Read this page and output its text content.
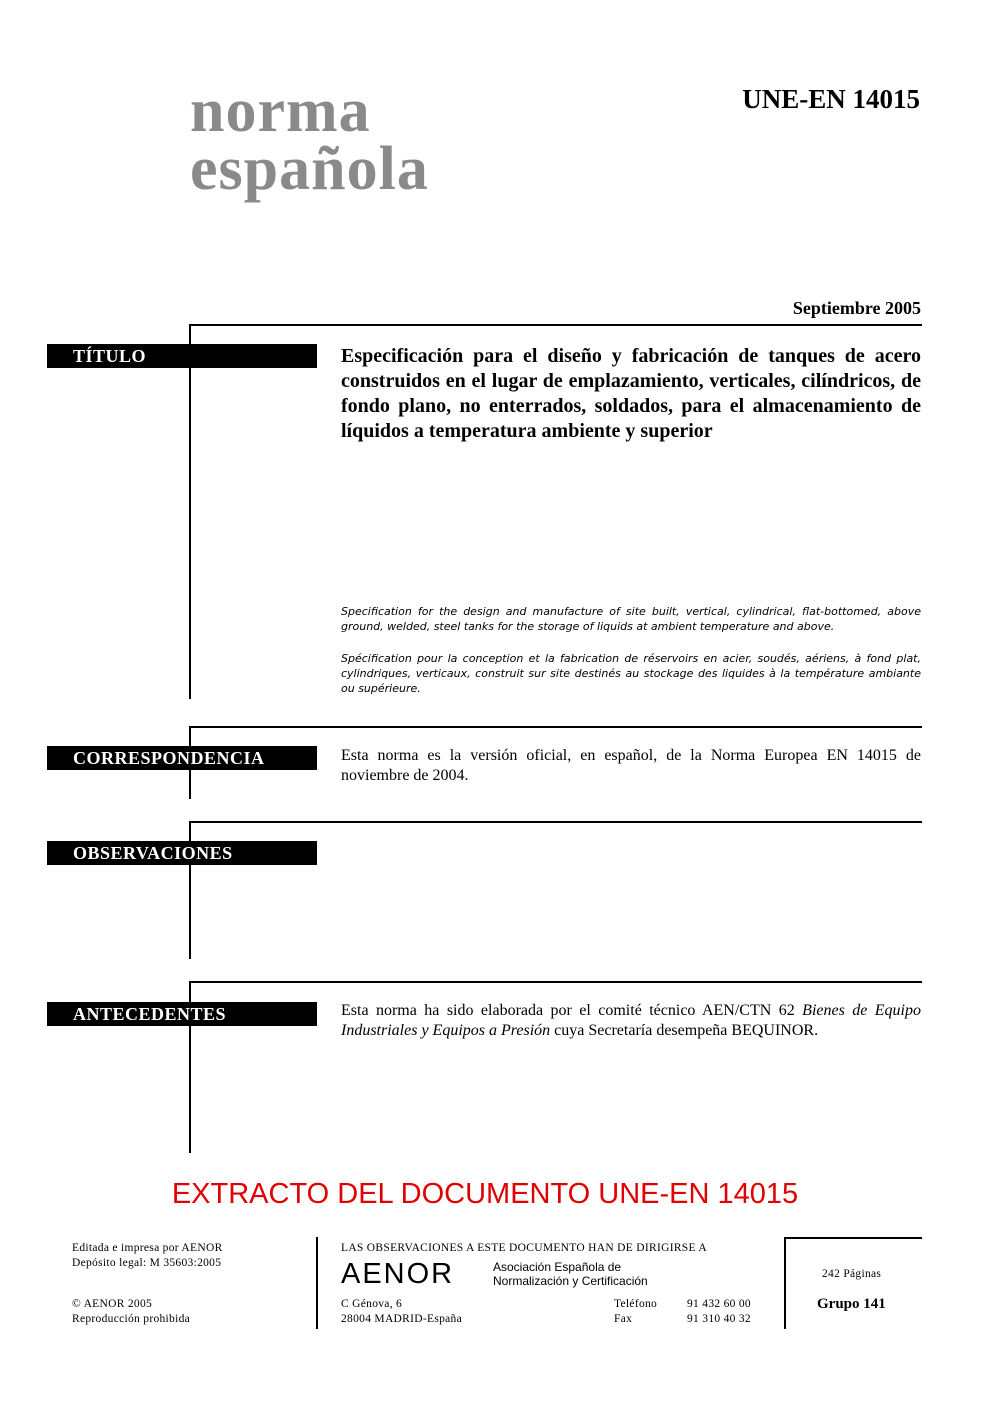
norma
española
UNE-EN 14015
Septiembre 2005
TÍTULO	Especificación para el diseño y fabricación de tanques de acero construidos en el lugar de emplazamiento, verticales, cilíndricos, de fondo plano, no enterrados, soldados, para el almacenamiento de líquidos a temperatura ambiente y superior
Specification for the design and manufacture of site built, vertical, cylindrical, flat-bottomed, above ground, welded, steel tanks for the storage of liquids at ambient temperature and above.
Spécification pour la conception et la fabrication de réservoirs en acier, soudés, aériens, à fond plat, cylindriques, verticaux, construit sur site destinés au stockage des liquides à la température ambiante ou supérieure.
CORRESPONDENCIA	Esta norma es la versión oficial, en español, de la Norma Europea EN 14015 de noviembre de 2004.
OBSERVACIONES
ANTECEDENTES	Esta norma ha sido elaborada por el comité técnico AEN/CTN 62 Bienes de Equipo Industriales y Equipos a Presión cuya Secretaría desempeña BEQUINOR.
EXTRACTO DEL DOCUMENTO UNE-EN 14015
Editada e impresa por AENOR
Depósito legal: M 35603:2005
© AENOR 2005
Reproducción prohibida
LAS OBSERVACIONES A ESTE DOCUMENTO HAN DE DIRIGIRSE A
AENOR	Asociación Española de
Normalización y Certificación
C Génova, 6
28004 MADRID-España
Teléfono	91 432 60 00
Fax	91 310 40 32
242 Páginas
Grupo 141
